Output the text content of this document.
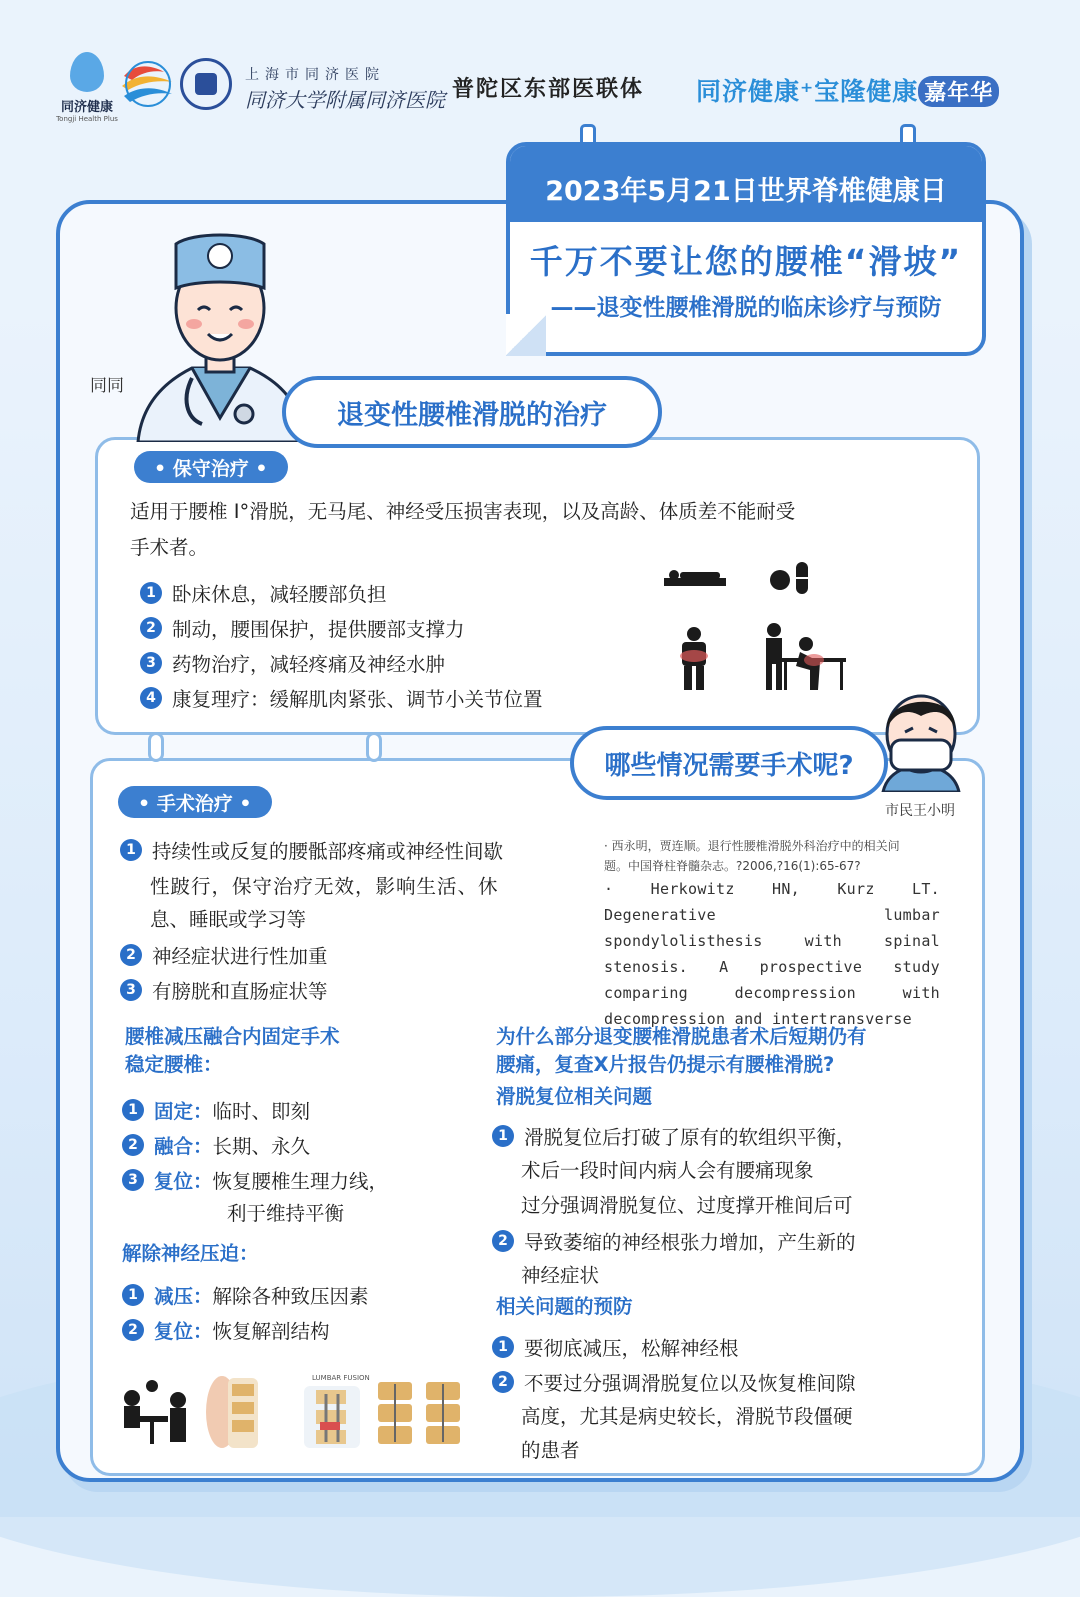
同济健康
Tongji Health Plus
上海市同济医院
同济大学附属同济医院 普陀区东部医联体 同济健康⁺宝隆健康 嘉年华
2023年5月21日世界脊椎健康日
千万不要让您的腰椎“滑坡”
——退变性腰椎滑脱的临床诊疗与预防
同同
退变性腰椎滑脱的治疗
• 保守治疗 •
适用于腰椎 I°滑脱，无马尾、神经受压损害表现，以及高龄、体质差不能耐受
手术者。
1 卧床休息，减轻腰部负担
2 制动，腰围保护，提供腰部支撑力
3 药物治疗，减轻疼痛及神经水肿
4 康复理疗：缓解肌肉紧张、调节小关节位置
市民王小明
哪些情况需要手术呢?
• 手术治疗 •
1 持续性或反复的腰骶部疼痛或神经性间歇
性跛行，保守治疗无效，影响生活、休
息、睡眠或学习等
2 神经症状进行性加重
3 有膀胱和直肠症状等
· 西永明，贾连顺。退行性腰椎滑脱外科治疗中的相关问
题。中国脊柱脊髓杂志。?2006,?16(1):65-67?
· Herkowitz HN, Kurz LT. Degenerative lumbar spondylolisthesis with spinal stenosis. A prospective study comparing decompression with decompression and intertransverse
腰椎减压融合内固定手术
稳定腰椎：
1 固定： 临时、即刻
2 融合： 长期、永久
3 复位： 恢复腰椎生理力线，
利于维持平衡
解除神经压迫：
1 减压： 解除各种致压因素
2 复位： 恢复解剖结构
LUMBAR FUSION
为什么部分退变腰椎滑脱患者术后短期仍有
腰痛，复查X片报告仍提示有腰椎滑脱?
滑脱复位相关问题
1 滑脱复位后打破了原有的软组织平衡，
术后一段时间内病人会有腰痛现象
过分强调滑脱复位、过度撑开椎间后可
2 导致萎缩的神经根张力增加，产生新的
神经症状
相关问题的预防
1 要彻底减压，松解神经根
2 不要过分强调滑脱复位以及恢复椎间隙
高度，尤其是病史较长，滑脱节段僵硬
的患者
